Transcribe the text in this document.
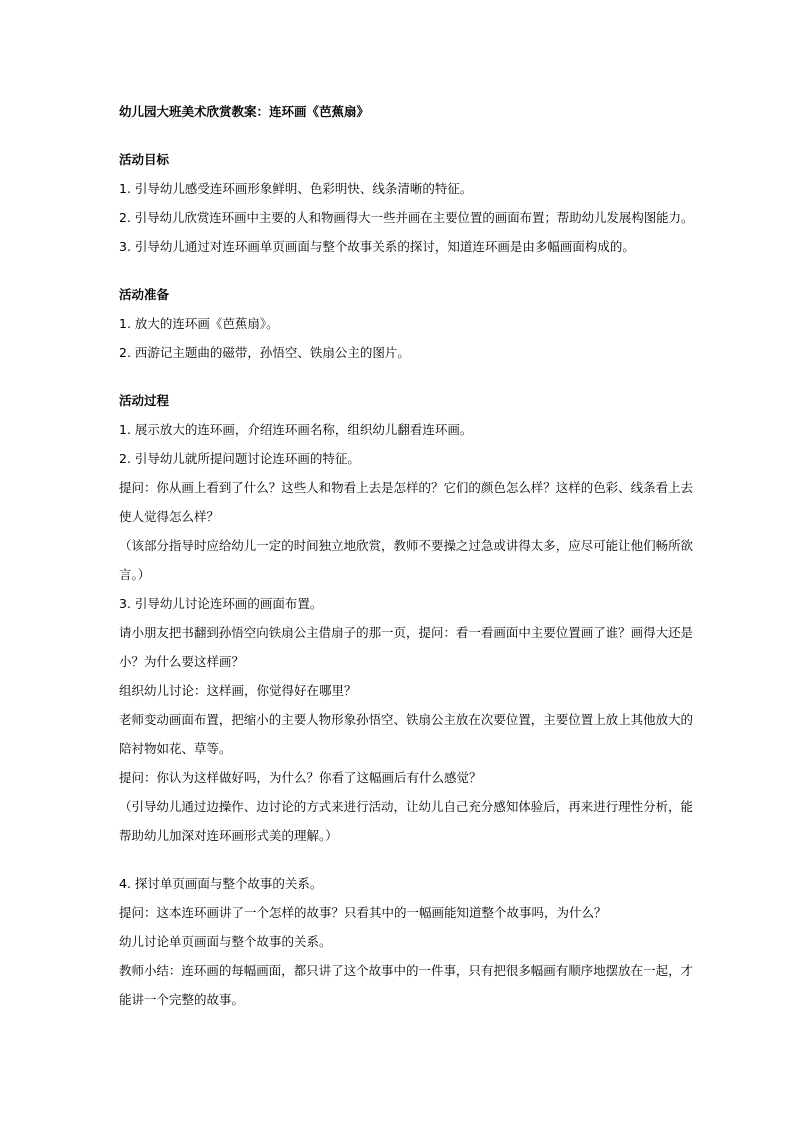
幼儿园大班美术欣赏教案：连环画《芭蕉扇》
活动目标
1. 引导幼儿感受连环画形象鲜明、色彩明快、线条清晰的特征。
2. 引导幼儿欣赏连环画中主要的人和物画得大一些并画在主要位置的画面布置；帮助幼儿发展构图能力。
3. 引导幼儿通过对连环画单页画面与整个故事关系的探讨，知道连环画是由多幅画面构成的。
活动准备
1. 放大的连环画《芭蕉扇》。
2. 西游记主题曲的磁带，孙悟空、铁扇公主的图片。
活动过程
1. 展示放大的连环画，介绍连环画名称，组织幼儿翻看连环画。
2. 引导幼儿就所提问题讨论连环画的特征。
提问：你从画上看到了什么？这些人和物看上去是怎样的？它们的颜色怎么样？这样的色彩、线条看上去
使人觉得怎么样？
（该部分指导时应给幼儿一定的时间独立地欣赏，教师不要操之过急或讲得太多，应尽可能让他们畅所欲
言。）
3. 引导幼儿讨论连环画的画面布置。
请小朋友把书翻到孙悟空向铁扇公主借扇子的那一页，提问：看一看画面中主要位置画了谁？画得大还是
小？为什么要这样画？
组织幼儿讨论：这样画，你觉得好在哪里？
老师变动画面布置，把缩小的主要人物形象孙悟空、铁扇公主放在次要位置，主要位置上放上其他放大的
陪衬物如花、草等。
提问：你认为这样做好吗，为什么？你看了这幅画后有什么感觉？
（引导幼儿通过边操作、边讨论的方式来进行活动，让幼儿自己充分感知体验后，再来进行理性分析，能
帮助幼儿加深对连环画形式美的理解。）
4. 探讨单页画面与整个故事的关系。
提问：这本连环画讲了一个怎样的故事？只看其中的一幅画能知道整个故事吗，为什么？
幼儿讨论单页画面与整个故事的关系。
教师小结：连环画的每幅画面，都只讲了这个故事中的一件事，只有把很多幅画有顺序地摆放在一起，才
能讲一个完整的故事。
